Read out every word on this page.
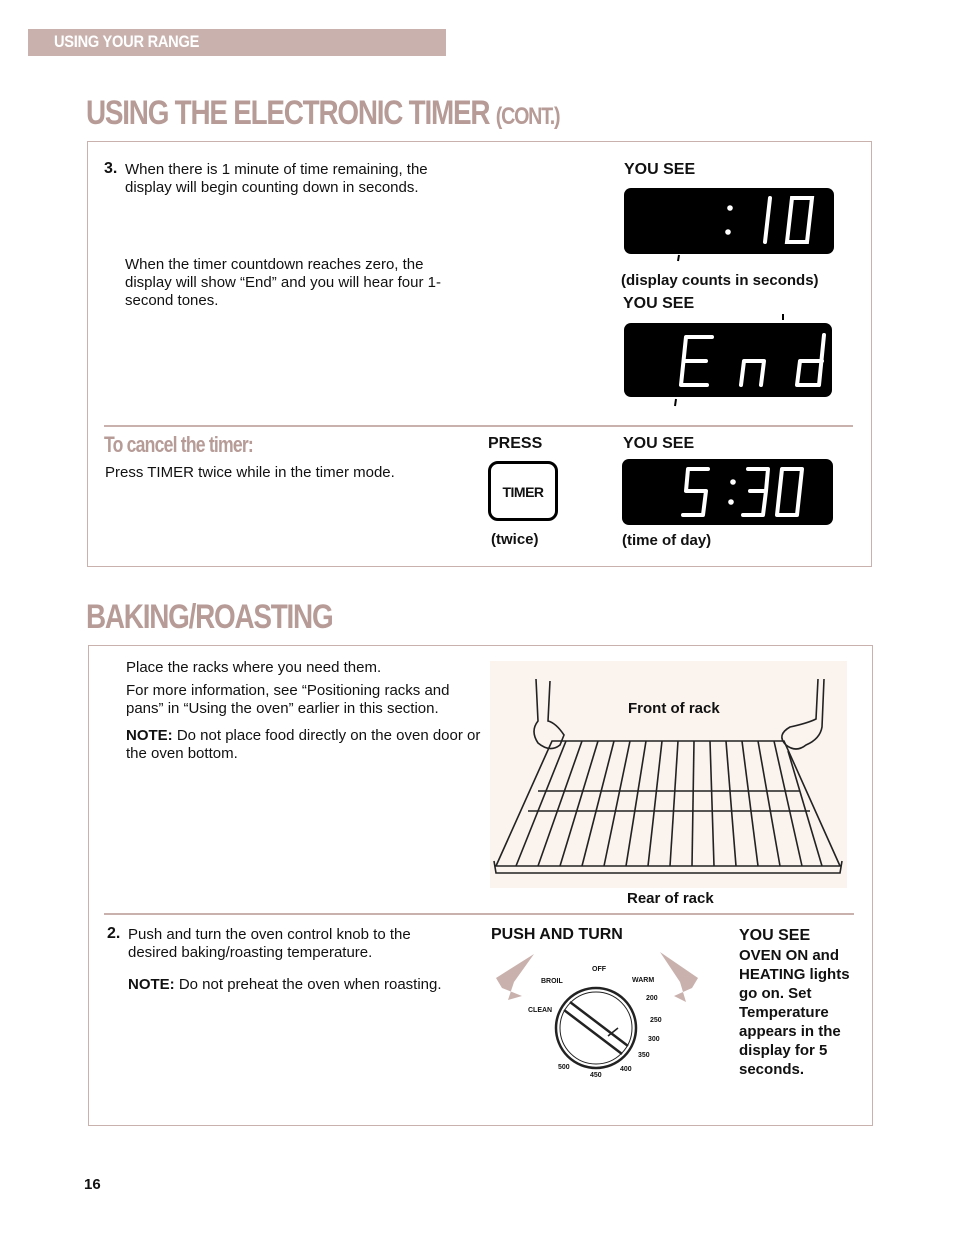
USING YOUR RANGE
USING THE ELECTRONIC TIMER (CONT.)
3. When there is 1 minute of time remaining, the display will begin counting down in seconds.
When the timer countdown reaches zero, the display will show “End” and you will hear four 1-second tones.
YOU SEE
(display counts in seconds)
YOU SEE
To cancel the timer:
Press TIMER twice while in the timer mode.
PRESS
TIMER
(twice)
YOU SEE
(time of day)
BAKING/ROASTING
Place the racks where you need them.
For more information, see “Positioning racks and pans” in “Using the oven” earlier in this section.
NOTE: Do not place food directly on the oven door or the oven bottom.
Front of rack
Rear of rack
2. Push and turn the oven control knob to the desired baking/roasting temperature.
NOTE: Do not preheat the oven when roasting.
PUSH AND TURN
OFF
BROIL	WARM
CLEAN
200
250
300
350
400
450
500
YOU SEE
OVEN ON and HEATING lights go on. Set Temperature appears in the display for 5 seconds.
16
